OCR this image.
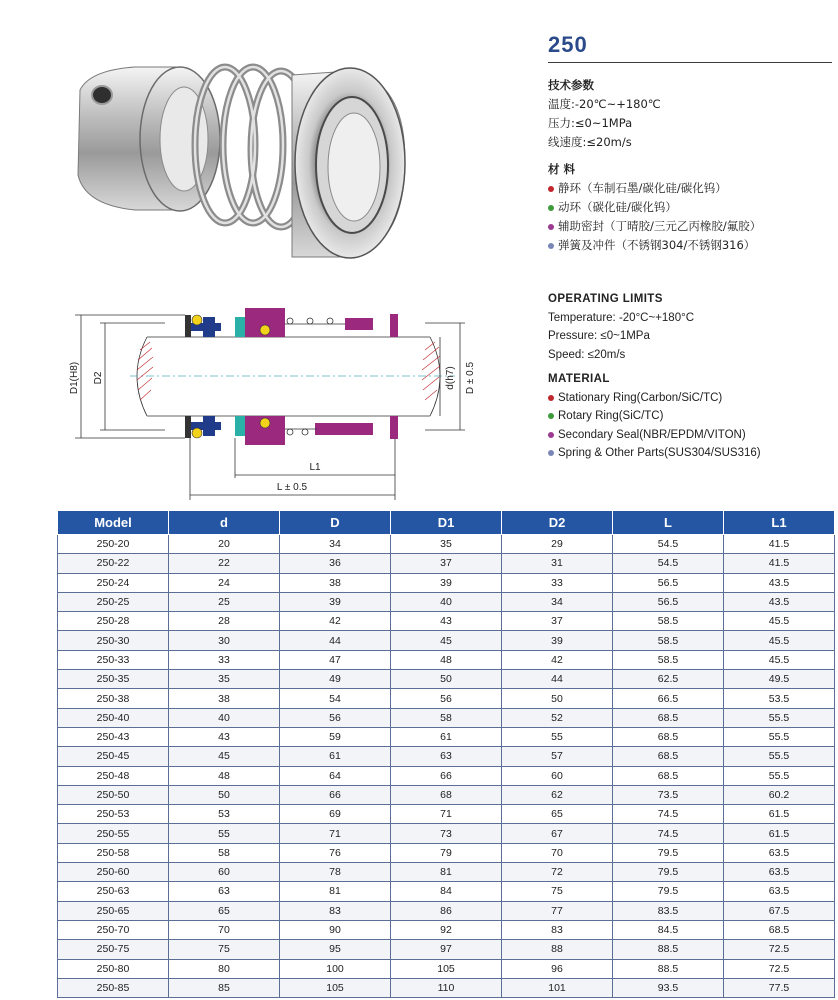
250
技术参数
温度:-20℃~+180℃
压力:≤0~1MPa
线速度:≤20m/s
材 料
静环（车制石墨/碳化硅/碳化钨）
动环（碳化硅/碳化钨）
辅助密封（丁晴胶/三元乙丙橡胶/氟胶）
弹簧及冲件（不锈钢304/不锈钢316）
OPERATING LIMITS
Temperature: -20°C~+180°C
Pressure: ≤0~1MPa
Speed: ≤20m/s
MATERIAL
Stationary Ring(Carbon/SiC/TC)
Rotary Ring(SiC/TC)
Secondary Seal(NBR/EPDM/VITON)
Spring & Other Parts(SUS304/SUS316)
D1(H8) D2	d(h7) D ± 0.5
L1
L ± 0.5
Model	d	D	D1	D2	L	L1
250-20	20	34	35	29	54.5	41.5
250-22	22	36	37	31	54.5	41.5
250-24	24	38	39	33	56.5	43.5
250-25	25	39	40	34	56.5	43.5
250-28	28	42	43	37	58.5	45.5
250-30	30	44	45	39	58.5	45.5
250-33	33	47	48	42	58.5	45.5
250-35	35	49	50	44	62.5	49.5
250-38	38	54	56	50	66.5	53.5
250-40	40	56	58	52	68.5	55.5
250-43	43	59	61	55	68.5	55.5
250-45	45	61	63	57	68.5	55.5
250-48	48	64	66	60	68.5	55.5
250-50	50	66	68	62	73.5	60.2
250-53	53	69	71	65	74.5	61.5
250-55	55	71	73	67	74.5	61.5
250-58	58	76	79	70	79.5	63.5
250-60	60	78	81	72	79.5	63.5
250-63	63	81	84	75	79.5	63.5
250-65	65	83	86	77	83.5	67.5
250-70	70	90	92	83	84.5	68.5
250-75	75	95	97	88	88.5	72.5
250-80	80	100	105	96	88.5	72.5
250-85	85	105	110	101	93.5	77.5
